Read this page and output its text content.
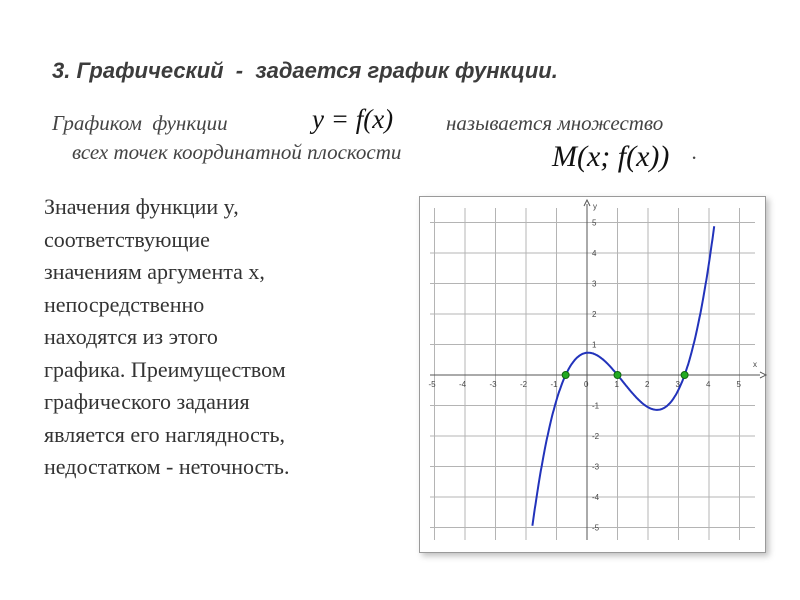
3. Графический  -  задается график функции.
Графиком  функции	y = f(x)	называется множество
всех точек координатной плоскости	M(x; f(x)) .
Значения функции y,
соответствующие
значениям аргумента x,
непосредственно
находятся из этого
графика. Преимуществом
графического задания
является его наглядность,
недостатком - неточность.
x
y
-5	-4	-3	-2	-1	0	1	2	3	4	5
5
4
3
2
1
-1
-2
-3
-4
-5
